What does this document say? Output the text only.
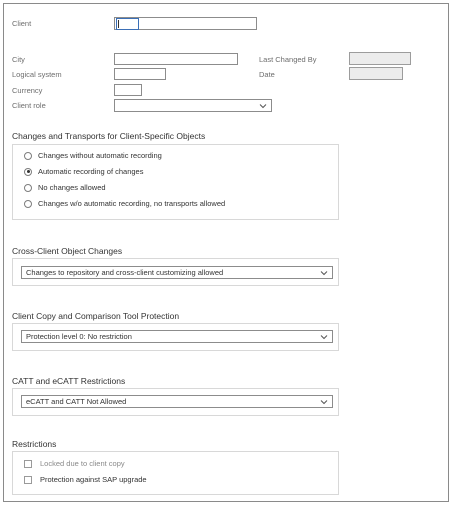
Client
City
Logical system
Currency
Client role
Last Changed By
Date
Changes and Transports for Client-Specific Objects
Changes without automatic recording
Automatic recording of changes
No changes allowed
Changes w/o automatic recording, no transports allowed
Cross-Client Object Changes
Changes to repository and cross-client customizing allowed
Client Copy and Comparison Tool Protection
Protection level 0: No restriction
CATT and eCATT Restrictions
eCATT and CATT Not Allowed
Restrictions
Locked due to client copy
Protection against SAP upgrade
